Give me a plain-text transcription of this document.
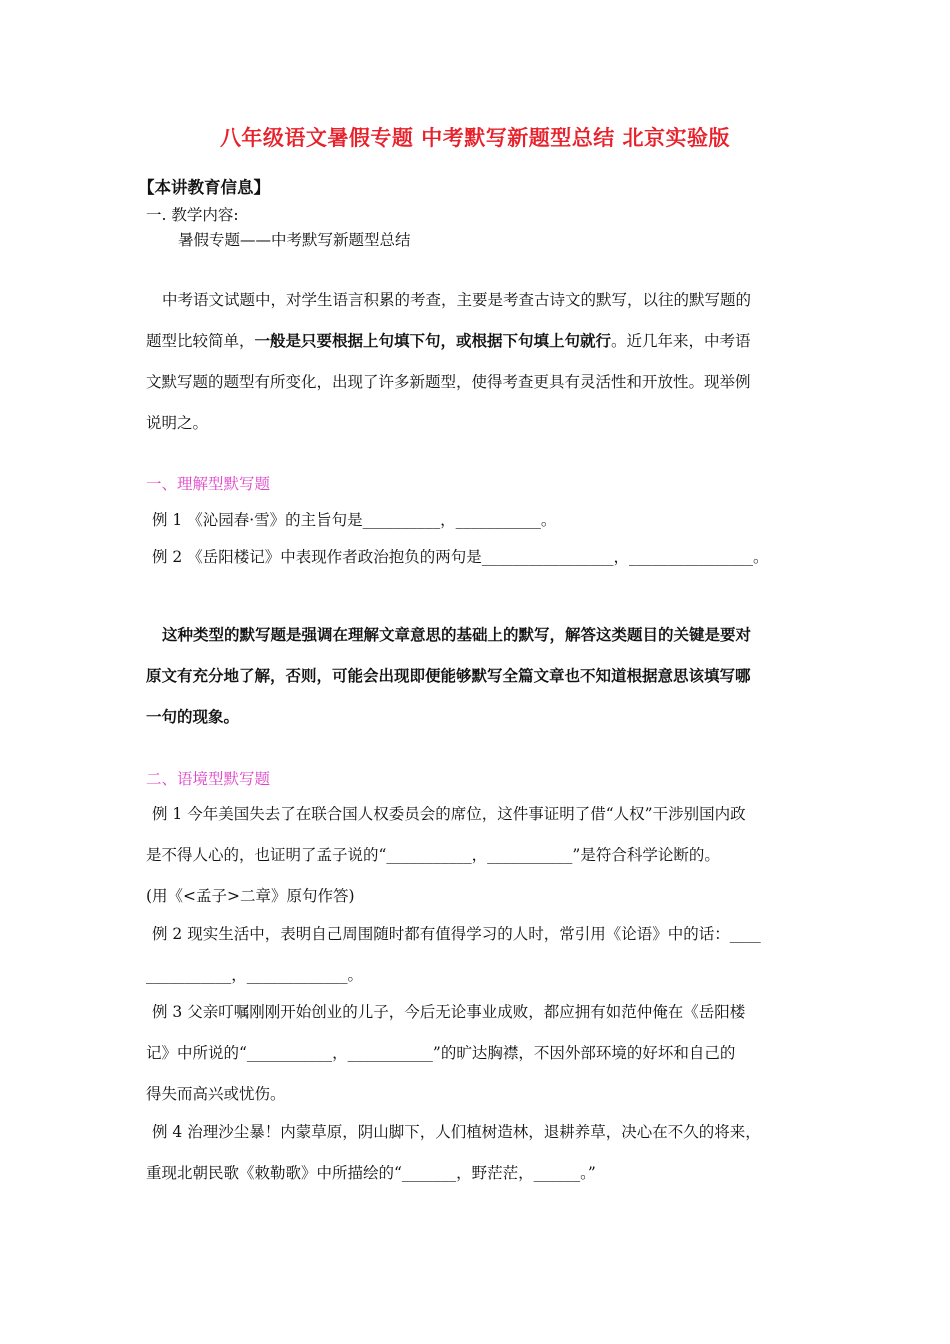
八年级语文暑假专题 中考默写新题型总结 北京实验版
【本讲教育信息】
一. 教学内容:
暑假专题——中考默写新题型总结
中考语文试题中，对学生语言积累的考查，主要是考查古诗文的默写，以往的默写题的
题型比较简单，一般是只要根据上句填下句，或根据下句填上句就行。近几年来，中考语
文默写题的题型有所变化，出现了许多新题型，使得考查更具有灵活性和开放性。现举例
说明之。
一、理解型默写题
例 1 《沁园春·雪》的主旨句是__________，___________。
例 2 《岳阳楼记》中表现作者政治抱负的两句是_________________，________________。
这种类型的默写题是强调在理解文章意思的基础上的默写，解答这类题目的关键是要对
原文有充分地了解，否则，可能会出现即便能够默写全篇文章也不知道根据意思该填写哪
一句的现象。
二、语境型默写题
例 1 今年美国失去了在联合国人权委员会的席位，这件事证明了借“人权”干涉别国内政
是不得人心的，也证明了孟子说的“___________，___________”是符合科学论断的。
(用《<孟子>二章》原句作答)
例 2 现实生活中，表明自己周围随时都有值得学习的人时，常引用《论语》中的话：____
___________，_____________。
例 3 父亲叮嘱刚刚开始创业的儿子，今后无论事业成败，都应拥有如范仲俺在《岳阳楼
记》中所说的“___________，___________”的旷达胸襟，不因外部环境的好坏和自己的
得失而高兴或忧伤。
例 4 治理沙尘暴！内蒙草原，阴山脚下，人们植树造林，退耕养草，决心在不久的将来，
重现北朝民歌《敕勒歌》中所描绘的“_______，野茫茫，______。”
